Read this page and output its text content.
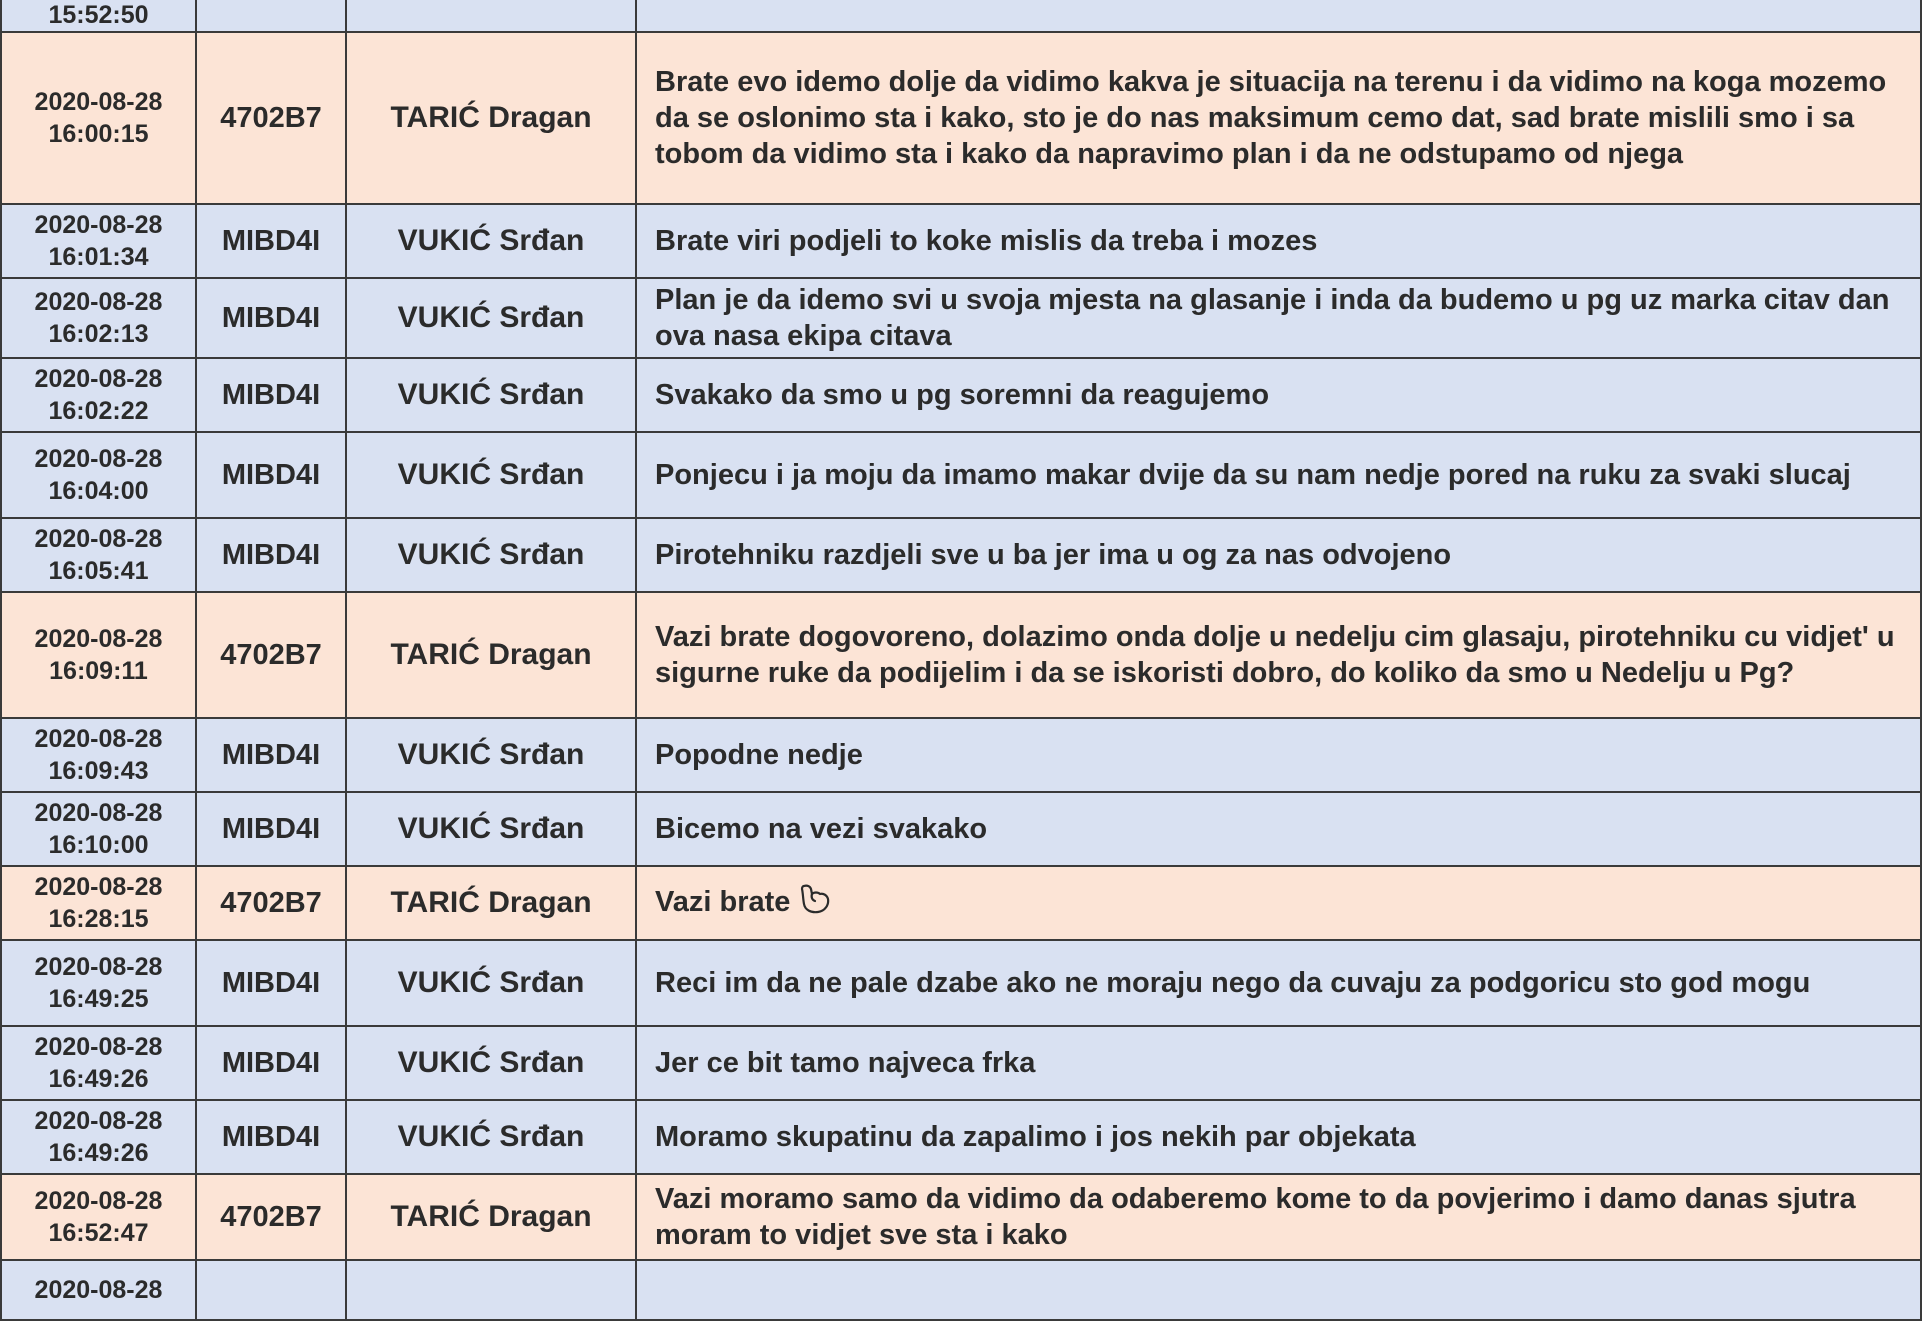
15:52:50			

2020-08-28
16:00:15	4702B7	TARIĆ Dragan	Brate evo idemo dolje da vidimo kakva je situacija na terenu i da vidimo na koga mozemo da se oslonimo sta i kako, sto je do nas maksimum cemo dat, sad brate mislili smo i sa tobom da vidimo sta i kako da napravimo plan i da ne odstupamo od njega

2020-08-28
16:01:34	MIBD4I	VUKIĆ Srđan	Brate viri podjeli to koke mislis da treba i mozes

2020-08-28
16:02:13	MIBD4I	VUKIĆ Srđan	Plan je da idemo svi u svoja mjesta na glasanje i inda da budemo u pg uz marka citav dan ova nasa ekipa citava

2020-08-28
16:02:22	MIBD4I	VUKIĆ Srđan	Svakako da smo u pg soremni da reagujemo

2020-08-28
16:04:00	MIBD4I	VUKIĆ Srđan	Ponjecu i ja moju da imamo makar dvije da su nam nedje pored na ruku za svaki slucaj

2020-08-28
16:05:41	MIBD4I	VUKIĆ Srđan	Pirotehniku razdjeli sve u ba jer ima u og za nas odvojeno

2020-08-28
16:09:11	4702B7	TARIĆ Dragan	Vazi brate dogovoreno, dolazimo onda dolje u nedelju cim glasaju, pirotehniku cu vidjet' u sigurne ruke da podijelim i da se iskoristi dobro, do koliko da smo u Nedelju u Pg?

2020-08-28
16:09:43	MIBD4I	VUKIĆ Srđan	Popodne nedje

2020-08-28
16:10:00	MIBD4I	VUKIĆ Srđan	Bicemo na vezi svakako

2020-08-28
16:28:15	4702B7	TARIĆ Dragan	Vazi brate

2020-08-28
16:49:25	MIBD4I	VUKIĆ Srđan	Reci im da ne pale dzabe ako ne moraju nego da cuvaju za podgoricu sto god mogu

2020-08-28
16:49:26	MIBD4I	VUKIĆ Srđan	Jer ce bit tamo najveca frka

2020-08-28
16:49:26	MIBD4I	VUKIĆ Srđan	Moramo skupatinu da zapalimo i jos nekih par objekata

2020-08-28
16:52:47	4702B7	TARIĆ Dragan	Vazi moramo samo da vidimo da odaberemo kome to da povjerimo i damo danas sjutra moram to vidjet sve sta i kako

2020-08-28			
